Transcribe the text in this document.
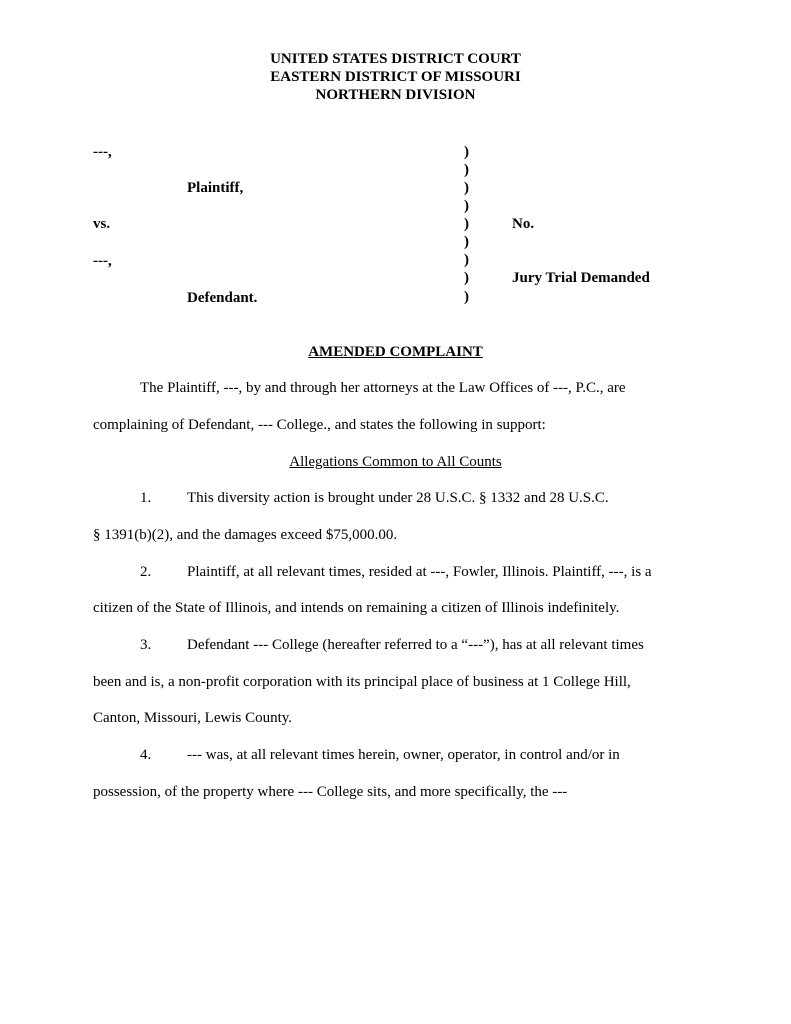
UNITED STATES DISTRICT COURT
EASTERN DISTRICT OF MISSOURI
NORTHERN DIVISION
---,
Plaintiff,
vs.
---,
Defendant.
)
)
)
)
)
)
)
)
)
No.
Jury Trial Demanded
AMENDED COMPLAINT
The Plaintiff, ---, by and through her attorneys at the Law Offices of ---, P.C., are
complaining of Defendant, --- College., and states the following in support:
Allegations Common to All Counts
1. This diversity action is brought under 28 U.S.C. § 1332 and 28 U.S.C.
§ 1391(b)(2), and the damages exceed $75,000.00.
2. Plaintiff, at all relevant times, resided at ---, Fowler, Illinois. Plaintiff, ---, is a
citizen of the State of Illinois, and intends on remaining a citizen of Illinois indefinitely.
3. Defendant --- College (hereafter referred to a “---”), has at all relevant times
been and is, a non-profit corporation with its principal place of business at 1 College Hill,
Canton, Missouri, Lewis County.
4. --- was, at all relevant times herein, owner, operator, in control and/or in
possession, of the property where --- College sits, and more specifically, the ---
